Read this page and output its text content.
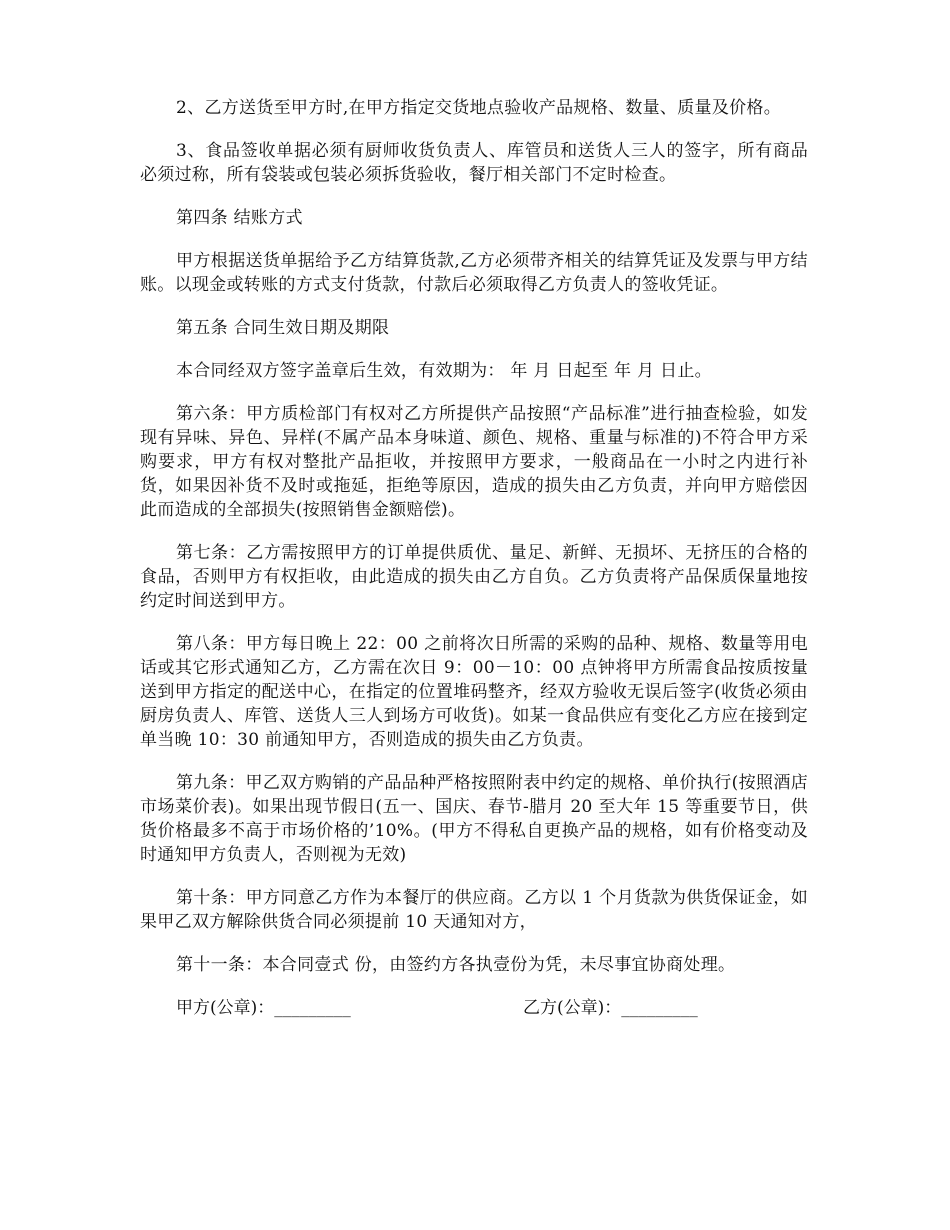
2、乙方送货至甲方时,在甲方指定交货地点验收产品规格、数量、质量及价格。

3、食品签收单据必须有厨师收货负责人、库管员和送货人三人的签字，所有商品必须过称，所有袋装或包装必须拆货验收，餐厅相关部门不定时检查。

第四条 结账方式

甲方根据送货单据给予乙方结算货款,乙方必须带齐相关的结算凭证及发票与甲方结账。以现金或转账的方式支付货款，付款后必须取得乙方负责人的签收凭证。

第五条 合同生效日期及期限

本合同经双方签字盖章后生效，有效期为： 年 月 日起至 年 月 日止。

第六条：甲方质检部门有权对乙方所提供产品按照“产品标准”进行抽查检验，如发现有异味、异色、异样(不属产品本身味道、颜色、规格、重量与标准的)不符合甲方采购要求，甲方有权对整批产品拒收，并按照甲方要求，一般商品在一小时之内进行补货，如果因补货不及时或拖延，拒绝等原因，造成的损失由乙方负责，并向甲方赔偿因此而造成的全部损失(按照销售金额赔偿)。

第七条：乙方需按照甲方的订单提供质优、量足、新鲜、无损坏、无挤压的合格的食品，否则甲方有权拒收，由此造成的损失由乙方自负。乙方负责将产品保质保量地按约定时间送到甲方。

第八条：甲方每日晚上 22：00 之前将次日所需的采购的品种、规格、数量等用电话或其它形式通知乙方，乙方需在次日 9：00－10：00 点钟将甲方所需食品按质按量送到甲方指定的配送中心，在指定的位置堆码整齐，经双方验收无误后签字(收货必须由厨房负责人、库管、送货人三人到场方可收货)。如某一食品供应有变化乙方应在接到定单当晚 10：30 前通知甲方，否则造成的损失由乙方负责。

第九条：甲乙双方购销的产品品种严格按照附表中约定的规格、单价执行(按照酒店市场菜价表)。如果出现节假日(五一、国庆、春节-腊月 20 至大年 15 等重要节日，供货价格最多不高于市场价格的’10%。(甲方不得私自更换产品的规格，如有价格变动及时通知甲方负责人，否则视为无效)

第十条：甲方同意乙方作为本餐厅的供应商。乙方以 1 个月货款为供货保证金，如果甲乙双方解除供货合同必须提前 10 天通知对方，

第十一条：本合同壹式 份，由签约方各执壹份为凭，未尽事宜协商处理。

甲方(公章)：_________	乙方(公章)：_________
